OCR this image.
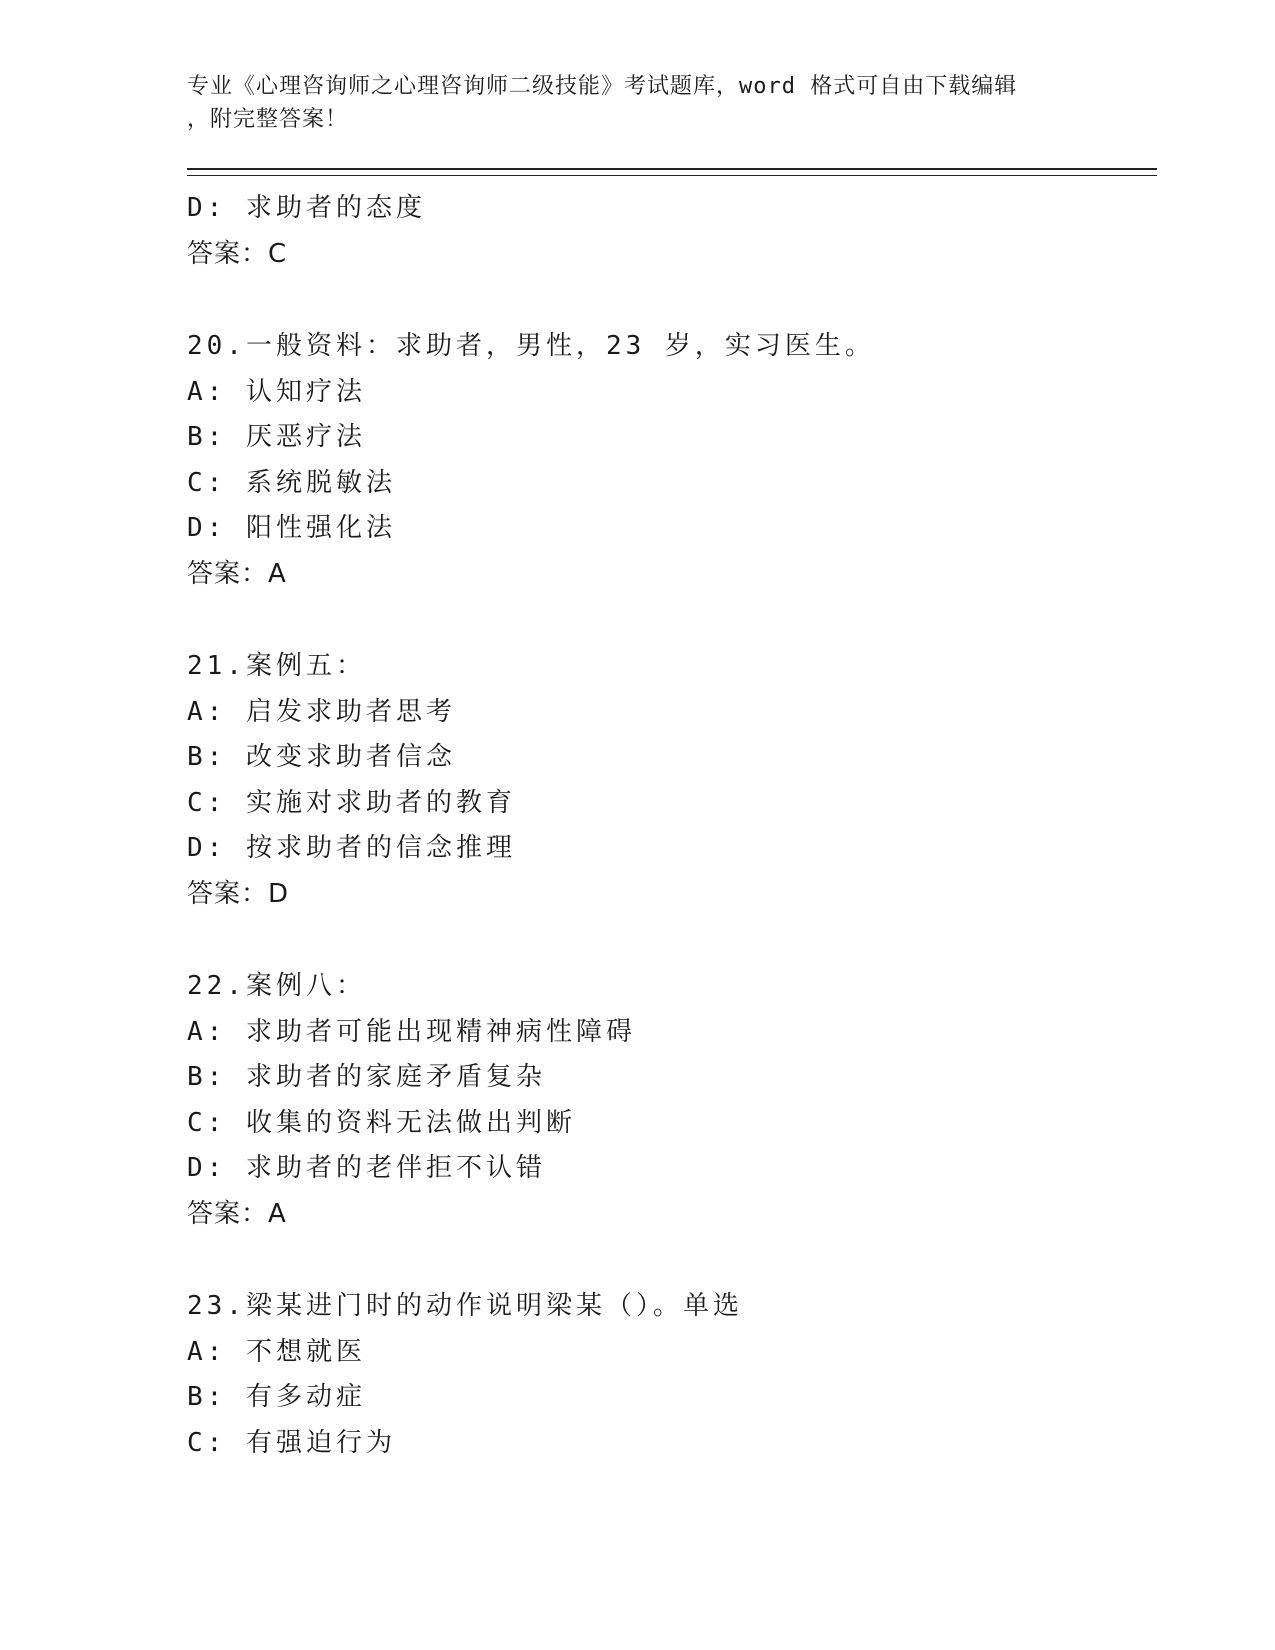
专业《心理咨询师之心理咨询师二级技能》考试题库，word 格式可自由下载编辑
，附完整答案！
D: 求助者的态度
答案：C
20.一般资料：求助者，男性，23 岁，实习医生。
A: 认知疗法
B: 厌恶疗法
C: 系统脱敏法
D: 阳性强化法
答案：A
21.案例五：
A: 启发求助者思考
B: 改变求助者信念
C: 实施对求助者的教育
D: 按求助者的信念推理
答案：D
22.案例八：
A: 求助者可能出现精神病性障碍
B: 求助者的家庭矛盾复杂
C: 收集的资料无法做出判断
D: 求助者的老伴拒不认错
答案：A
23.梁某进门时的动作说明梁某（）。单选
A: 不想就医
B: 有多动症
C: 有强迫行为
